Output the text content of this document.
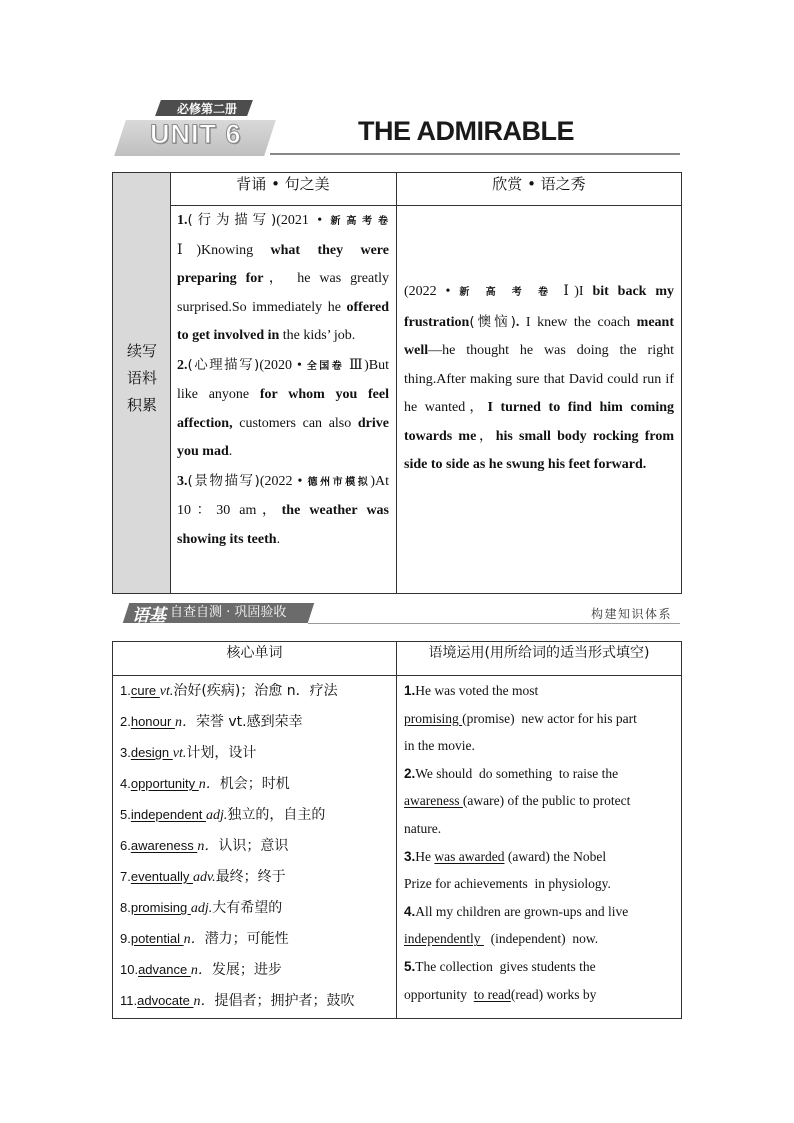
必修第二册
UNIT 6	THE ADMIRABLE
续写
语料
积累
背诵 • 句之美	欣赏 • 语之秀
1.(行为描写)(2021 • 新高考卷 Ⅰ)Knowing what they were preparing for， he was greatly surprised.So immediately he offered to get involved in the kids’ job.
2.(心理描写)(2020 • 全国卷 Ⅲ)But like anyone for whom you feel affection, customers can also drive you mad.
3.(景物描写)(2022 • 德州市模拟)At 10：30 am，the weather was showing its teeth.
(2022 • 新 高 考 卷 Ⅰ)I bit back my frustration(懊恼). I knew the coach meant well—he thought he was doing the right thing.After making sure that David could run if he wanted，I turned to find him coming towards me，his small body rocking from side to side as he swung his feet forward.
语基 自查自测 · 巩固验收	构建知识体系
核心单词	语境运用(用所给词的适当形式填空)
1.cure vt.治好(疾病)；治愈 n．疗法
2.honour n．荣誉 vt.感到荣幸
3.design vt.计划，设计
4.opportunity n．机会；时机
5.independent adj.独立的，自主的
6.awareness n．认识；意识
7.eventually adv.最终；终于
8.promising adj.大有希望的
9.potential n．潜力；可能性
10.advance n．发展；进步
11.advocate n．提倡者；拥护者；鼓吹
1.He was voted the most
promising (promise)  new actor for his part
in the movie.
2.We should  do something  to raise the
awareness (aware) of the public to protect
nature.
3.He was awarded (award) the Nobel
Prize for achievements  in physiology.
4.All my children are grown-ups and live
independently   (independent)  now.
5.The collection  gives students the
opportunity  to read(read) works by
